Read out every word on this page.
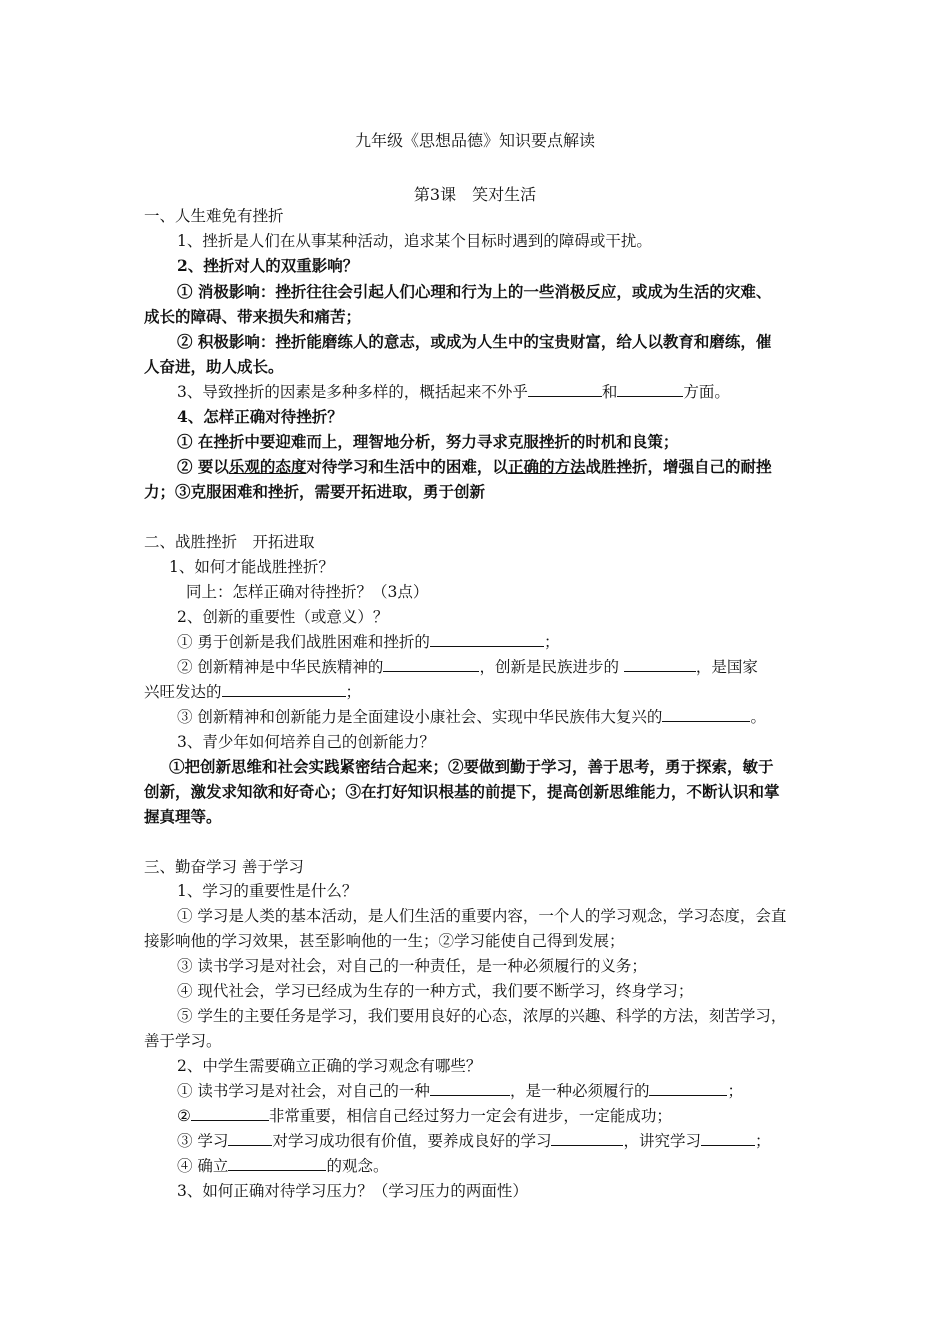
九年级《思想品德》知识要点解读
第3课　笑对生活
一、人生难免有挫折
1、挫折是人们在从事某种活动，追求某个目标时遇到的障碍或干扰。
2、挫折对人的双重影响？
① 消极影响：挫折往往会引起人们心理和行为上的一些消极反应，或成为生活的灾难、
成长的障碍、带来损失和痛苦；
② 积极影响：挫折能磨练人的意志，或成为人生中的宝贵财富，给人以教育和磨练，催
人奋进，助人成长。
3、导致挫折的因素是多种多样的，概括起来不外乎	和	方面。
4、怎样正确对待挫折？
① 在挫折中要迎难而上，理智地分析，努力寻求克服挫折的时机和良策；
② 要以乐观的态度对待学习和生活中的困难，以正确的方法战胜挫折，增强自己的耐挫
力；③克服困难和挫折，需要开拓进取，勇于创新
二、战胜挫折　开拓进取
1、如何才能战胜挫折？
同上：怎样正确对待挫折？（3点）
2、创新的重要性（或意义）？
① 勇于创新是我们战胜困难和挫折的	；
② 创新精神是中华民族精神的	，创新是民族进步的	，是国家
兴旺发达的	；
③ 创新精神和创新能力是全面建设小康社会、实现中华民族伟大复兴的	。
3、青少年如何培养自己的创新能力？
①把创新思维和社会实践紧密结合起来；②要做到勤于学习，善于思考，勇于探索，敏于
创新，激发求知欲和好奇心；③在打好知识根基的前提下，提高创新思维能力，不断认识和掌
握真理等。
三、勤奋学习 善于学习
1、学习的重要性是什么？
① 学习是人类的基本活动，是人们生活的重要内容，一个人的学习观念，学习态度，会直
接影响他的学习效果，甚至影响他的一生；②学习能使自己得到发展；
③ 读书学习是对社会，对自己的一种责任，是一种必须履行的义务；
④ 现代社会，学习已经成为生存的一种方式，我们要不断学习，终身学习；
⑤ 学生的主要任务是学习，我们要用良好的心态，浓厚的兴趣、科学的方法，刻苦学习，
善于学习。
2、中学生需要确立正确的学习观念有哪些？
① 读书学习是对社会，对自己的一种	，是一种必须履行的	；
②	非常重要，相信自己经过努力一定会有进步，一定能成功；
③ 学习	对学习成功很有价值，要养成良好的学习	，讲究学习	；
④ 确立	的观念。
3、如何正确对待学习压力？（学习压力的两面性）
